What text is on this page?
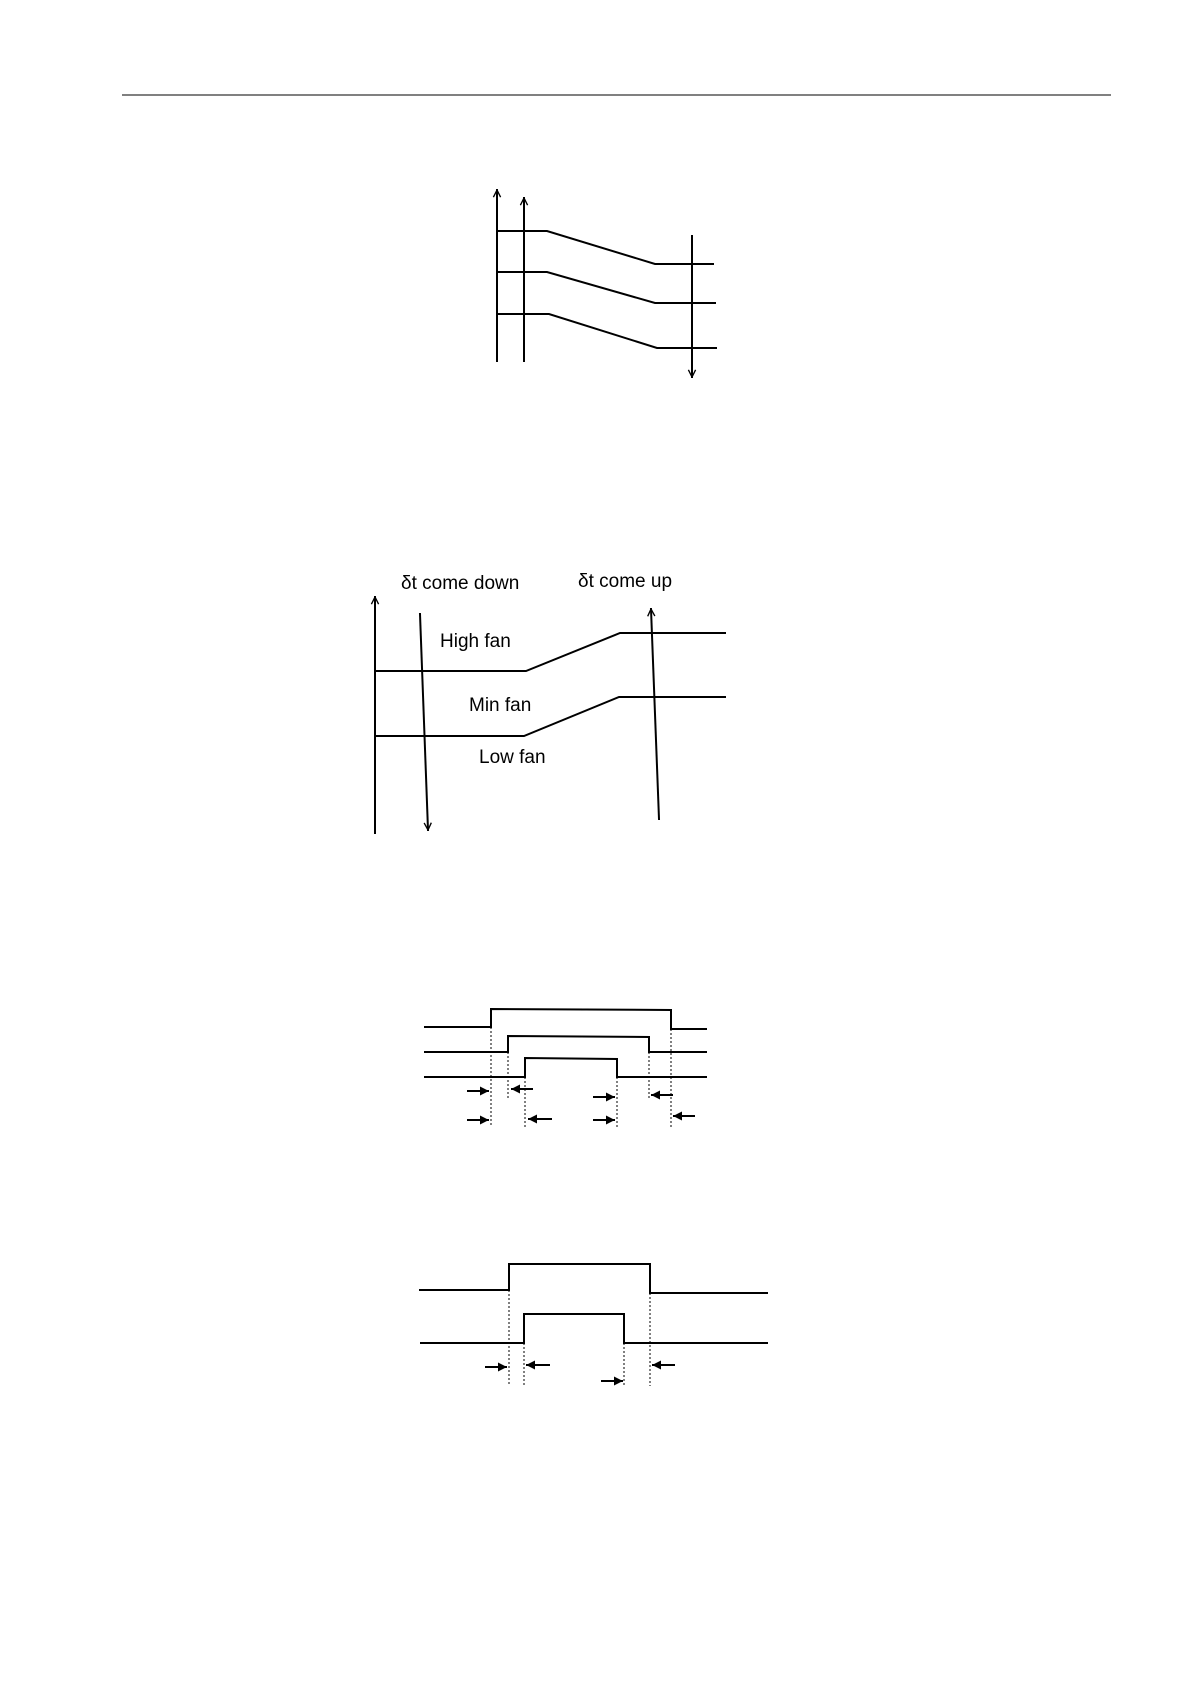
δt come down	δt come up
High fan
Min fan
Low fan
